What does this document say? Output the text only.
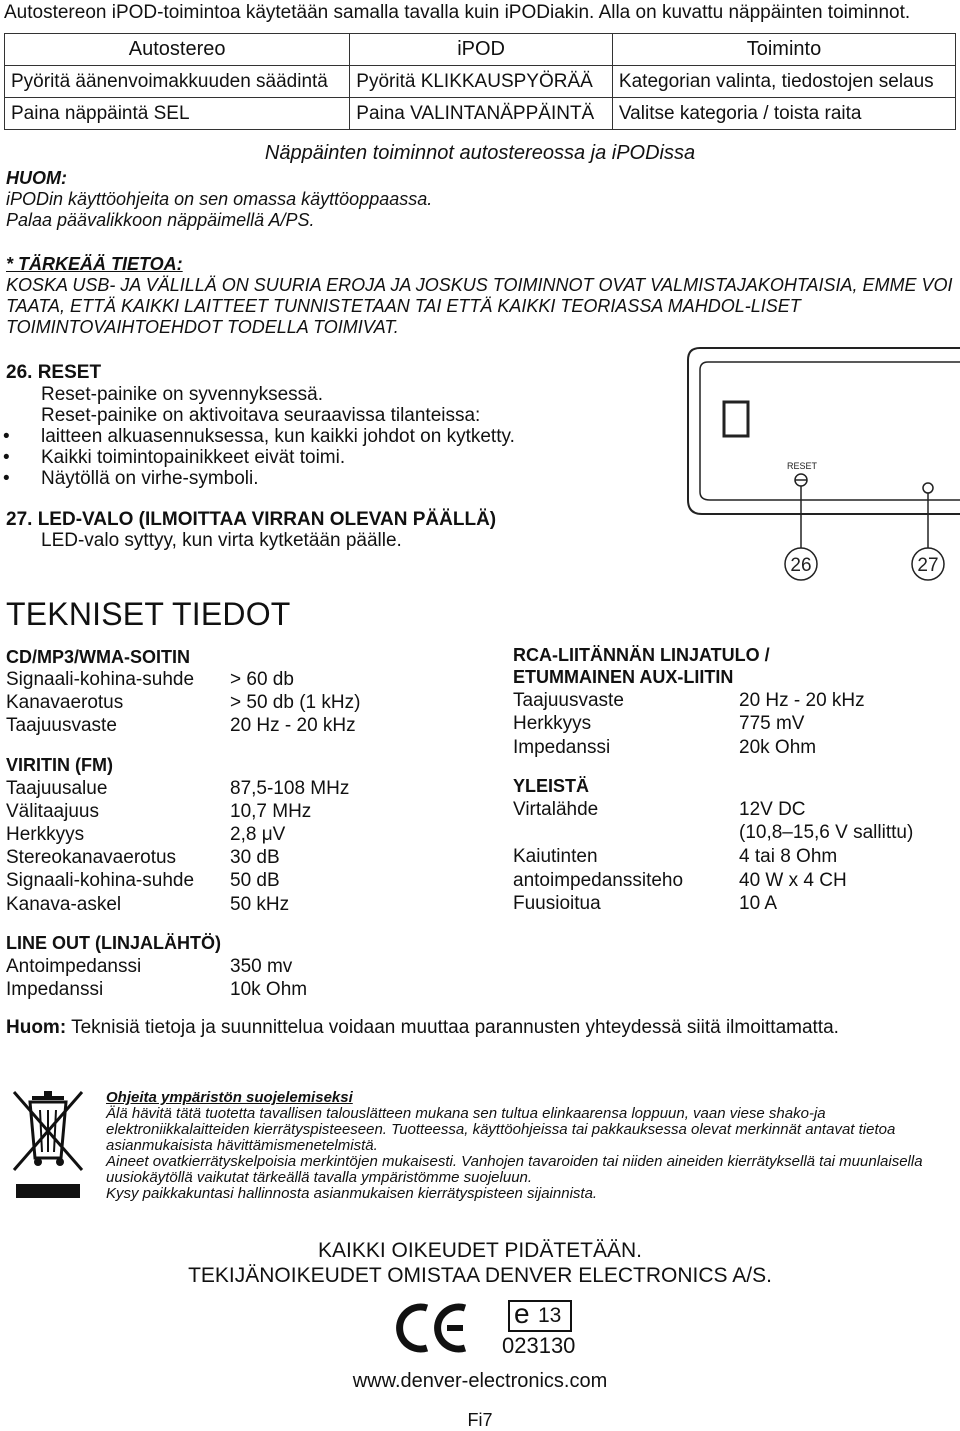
Autostereon iPOD-toimintoa käytetään samalla tavalla kuin iPODiakin. Alla on kuvattu näppäinten toiminnot.
Autostereo	iPOD	Toiminto
Pyöritä äänenvoimakkuuden säädintä	Pyöritä KLIKKAUSPYÖRÄÄ	Kategorian valinta, tiedostojen selaus
Paina näppäintä SEL	Paina VALINTANÄPPÄINTÄ	Valitse kategoria / toista raita
Näppäinten toiminnot autostereossa ja iPODissa
HUOM:
iPODin käyttöohjeita on sen omassa käyttöoppaassa.
Palaa päävalikkoon näppäimellä A/PS.
* TÄRKEÄÄ TIETOA:
KOSKA USB- JA VÄLILLÄ ON SUURIA EROJA JA JOSKUS TOIMINNOT OVAT VALMISTAJAKOHTAISIA, EMME VOI TAATA, ETTÄ KAIKKI LAITTEET TUNNISTETAAN TAI ETTÄ KAIKKI TEORIASSA MAHDOL-LISET TOIMINTOVAIHTOEHDOT TODELLA TOIMIVAT.
26. RESET
Reset-painike on syvennyksessä.
Reset-painike on aktivoitava seuraavissa tilanteissa:
• laitteen alkuasennuksessa, kun kaikki johdot on kytketty.
• Kaikki toimintopainikkeet eivät toimi.
• Näytöllä on virhe-symboli.
27. LED-VALO (ILMOITTAA VIRRAN OLEVAN PÄÄLLÄ)
LED-valo syttyy, kun virta kytketään päälle.
RESET
26	27
TEKNISET TIEDOT
CD/MP3/WMA-SOITIN
Signaali-kohina-suhde > 60 db
Kanavaerotus	> 50 db (1 kHz)
Taajuusvaste	20 Hz - 20 kHz
VIRITIN (FM)
Taajuusalue	87,5-108 MHz
Välitaajuus	10,7 MHz
Herkkyys	2,8 μV
Stereokanavaerotus	30 dB
Signaali-kohina-suhde 50 dB
Kanava-askel	50 kHz
LINE OUT (LINJALÄHTÖ)
Antoimpedanssi	350 mv
Impedanssi	10k Ohm
RCA-LIITÄNNÄN LINJATULO /
ETUMMAINEN AUX-LIITIN
Taajuusvaste	20 Hz - 20 kHz
Herkkyys	775 mV
Impedanssi	20k Ohm
YLEISTÄ
Virtalähde	12V DC
(10,8–15,6 V sallittu)
Kaiutinten	4 tai 8 Ohm
antoimpedanssiteho	40 W x 4 CH
Fuusioitua	10 A
Huom: Teknisiä tietoja ja suunnittelua voidaan muuttaa parannusten yhteydessä siitä ilmoittamatta.
Ohjeita ympäristön suojelemiseksi
Älä hävitä tätä tuotetta tavallisen talouslätteen mukana sen tultua elinkaarensa loppuun, vaan viese shako-ja elektroniikkalaitteiden kierrätyspisteeseen. Tuotteessa, käyttöohjeissa tai pakkauksessa olevat merkinnät antavat tietoa asianmukaisista hävittämismenetelmistä.
Aineet ovatkierrätyskelpoisia merkintöjen mukaisesti. Vanhojen tavaroiden tai niiden aineiden kierrätyksellä tai muunlaisella uusiokäytöllä vaikutat tärkeällä tavalla ympäristömme suojeluun.
Kysy paikkakuntasi hallinnosta asianmukaisen kierrätyspisteen sijainnista.
KAIKKI OIKEUDET PIDÄTETÄÄN.
TEKIJÄNOIKEUDET OMISTAA DENVER ELECTRONICS A/S.
e 13
023130
www.denver-electronics.com
Fi7
